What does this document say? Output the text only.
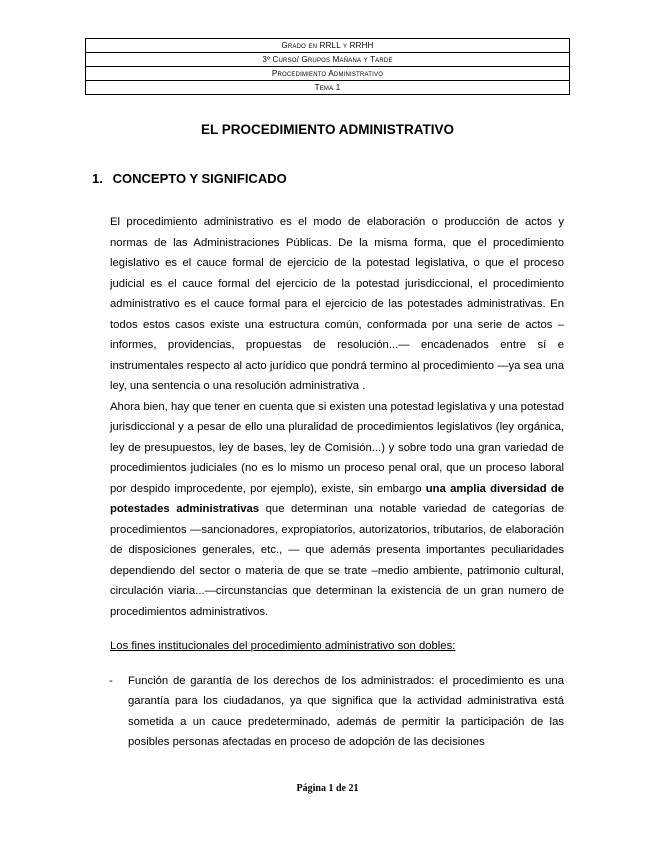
Grado en RRLL y RRHH
3º Curso/ Grupos Mañana y Tarde
Procedimiento Administrativo
Tema 1
EL PROCEDIMIENTO ADMINISTRATIVO
1. CONCEPTO Y SIGNIFICADO

El procedimiento administrativo es el modo de elaboración o producción de actos y normas de las Administraciones Públicas. De la misma forma, que el procedimiento legislativo es el cauce formal de ejercicio de la potestad legislativa, o que el proceso judicial es el cauce formal del ejercicio de la potestad jurisdiccional, el procedimiento administrativo es el cauce formal para el ejercicio de las potestades administrativas. En todos estos casos existe una estructura común, conformada por una serie de actos –informes, providencias, propuestas de resolución...— encadenados entre sí e instrumentales respecto al acto jurídico que pondrá termino al procedimiento —ya sea una ley, una sentencia o una resolución administrativa .

Ahora bien, hay que tener en cuenta que si existen una potestad legislativa y una potestad jurisdiccional y a pesar de ello una pluralidad de procedimientos legislativos (ley orgánica, ley de presupuestos, ley de bases, ley de Comisión...) y sobre todo una gran variedad de procedimientos judiciales (no es lo mismo un proceso penal oral, que un proceso laboral por despido improcedente, por ejemplo), existe, sin embargo una amplia diversidad de potestades administrativas que determinan una notable variedad de categorías de procedimientos —sancionadores, expropiatorios, autorizatorios, tributarios, de elaboración de disposiciones generales, etc., — que además presenta importantes peculiaridades dependiendo del sector o materia de que se trate –medio ambiente, patrimonio cultural, circulación viaria...—circunstancias que determinan la existencia de un gran numero de procedimientos administrativos.

Los fines institucionales del procedimiento administrativo son dobles:

- Función de garantía de los derechos de los administrados: el procedimiento es una garantía para los ciudadanos, ya que significa que la actividad administrativa está sometida a un cauce predeterminado, además de permitir la participación de las posibles personas afectadas en proceso de adopción de las decisiones

Página 1 de 21
